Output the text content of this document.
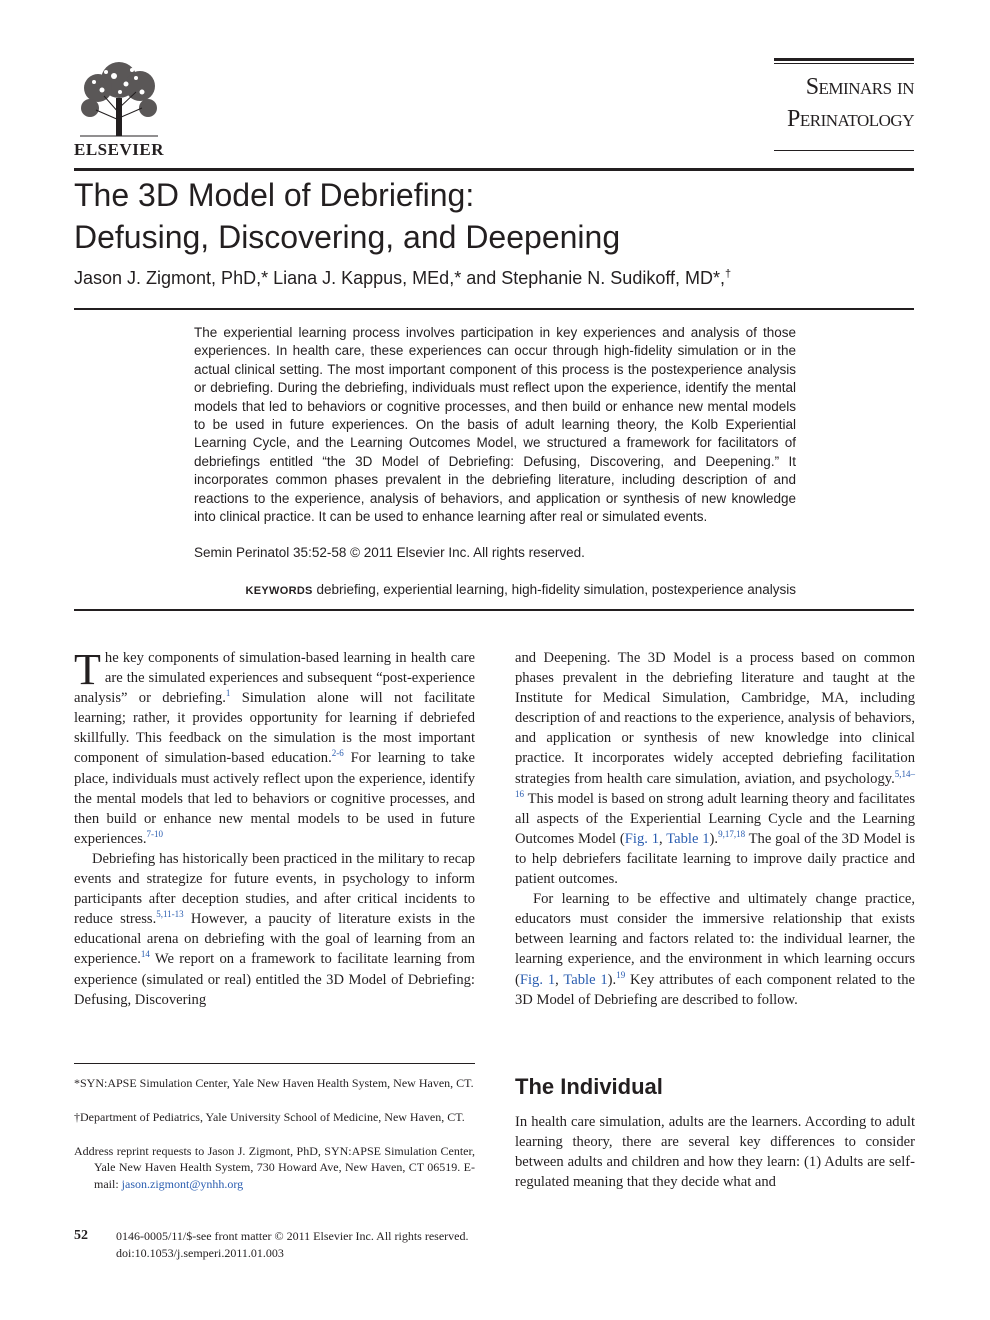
ELSEVIER
Seminars in
Perinatology
The 3D Model of Debriefing:
Defusing, Discovering, and Deepening
Jason J. Zigmont, PhD,* Liana J. Kappus, MEd,* and Stephanie N. Sudikoff, MD*,†

The experiential learning process involves participation in key experiences and analysis of those experiences. In health care, these experiences can occur through high-fidelity simulation or in the actual clinical setting. The most important component of this process is the postexperience analysis or debriefing. During the debriefing, individuals must reflect upon the experience, identify the mental models that led to behaviors or cognitive processes, and then build or enhance new mental models to be used in future experiences. On the basis of adult learning theory, the Kolb Experiential Learning Cycle, and the Learning Outcomes Model, we structured a framework for facilitators of debriefings entitled “the 3D Model of Debriefing: Defusing, Discovering, and Deepening.” It incorporates common phases prevalent in the debriefing literature, including description of and reactions to the experience, analysis of behaviors, and application or synthesis of new knowledge into clinical practice. It can be used to enhance learning after real or simulated events.

Semin Perinatol 35:52-58 © 2011 Elsevier Inc. All rights reserved.
KEYWORDS debriefing, experiential learning, high-fidelity simulation, postexperience analysis

The key components of simulation-based learning in health care are the simulated experiences and subsequent “post-experience analysis” or debriefing.$^1$ Simulation alone will not facilitate learning; rather, it provides opportunity for learning if debriefed skillfully. This feedback on the simulation is the most important component of simulation-based education.$^{2-6}$ For learning to take place, individuals must actively reflect upon the experience, identify the mental models that led to behaviors or cognitive processes, and then build or enhance new mental models to be used in future experiences.$^{7-10}$

Debriefing has historically been practiced in the military to recap events and strategize for future events, in psychology to inform participants after deception studies, and after critical incidents to reduce stress.$^{5,11-13}$ However, a paucity of literature exists in the educational arena on debriefing with the goal of learning from an experience.$^{14}$ We report on a framework to facilitate learning from experience (simulated or real) entitled the 3D Model of Debriefing: Defusing, Discovering

*SYN:APSE Simulation Center, Yale New Haven Health System, New Haven, CT.
†Department of Pediatrics, Yale University School of Medicine, New Haven, CT.
Address reprint requests to Jason J. Zigmont, PhD, SYN:APSE Simulation Center, Yale New Haven Health System, 730 Howard Ave, New Haven, CT 06519. E-mail: jason.zigmont@ynhh.org

and Deepening. The 3D Model is a process based on common phases prevalent in the debriefing literature and taught at the Institute for Medical Simulation, Cambridge, MA, including description of and reactions to the experience, analysis of behaviors, and application or synthesis of new knowledge into clinical practice. It incorporates widely accepted debriefing facilitation strategies from health care simulation, aviation, and psychology.$^{5,14-16}$ This model is based on strong adult learning theory and facilitates all aspects of the Experiential Learning Cycle and the Learning Outcomes Model (Fig. 1, Table 1).$^{9,17,18}$ The goal of the 3D Model is to help debriefers facilitate learning to improve daily practice and patient outcomes.

For learning to be effective and ultimately change practice, educators must consider the immersive relationship that exists between learning and factors related to: the individual learner, the learning experience, and the environment in which learning occurs (Fig. 1, Table 1).$^{19}$ Key attributes of each component related to the 3D Model of Debriefing are described to follow.

The Individual

In health care simulation, adults are the learners. According to adult learning theory, there are several key differences to consider between adults and children and how they learn: (1) Adults are self-regulated meaning that they decide what and

52 0146-0005/11/$-see front matter © 2011 Elsevier Inc. All rights reserved.
doi:10.1053/j.semperi.2011.01.003
